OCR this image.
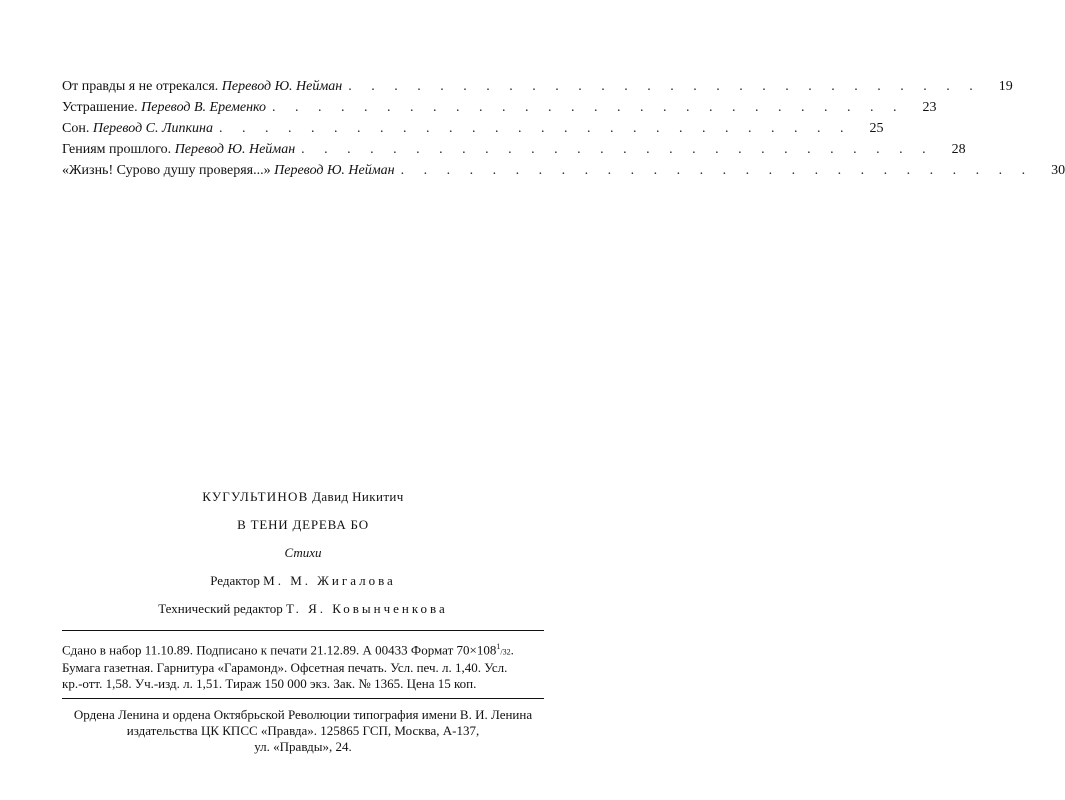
От правды я не отрекался. Перевод Ю. Нейман . . . . . . . . . . . . . . . . . . . . . . . . . . . .	19
Устрашение. Перевод В. Еременко . . . . . . . . . . . . . . . . . . . . . . . . . . . .	23
Сон. Перевод С. Липкина . . . . . . . . . . . . . . . . . . . . . . . . . . . .	25
Гениям прошлого. Перевод Ю. Нейман . . . . . . . . . . . . . . . . . . . . . . . . . . . .	28
«Жизнь! Сурово душу проверяя...» Перевод Ю. Нейман . . . . . . . . . . . . . . . . . . . . . . . . . . . .	30
КУГУЛЬТИНОВ Давид Никитич
В ТЕНИ ДЕРЕВА БО
Стихи
Редактор М. М. Жигалова
Технический редактор Т. Я. Ковынченкова
Сдано в набор 11.10.89. Подписано к печати 21.12.89. А 00433 Формат $70\times 108^1/32$.
Бумага газетная. Гарнитура «Гарамонд». Офсетная печать. Усл. печ. л. 1,40. Усл.
кр.-отт. 1,58. Уч.-изд. л. 1,51. Тираж 150 000 экз. Зак. № 1365. Цена 15 коп.
Ордена Ленина и ордена Октябрьской Революции типография имени В. И. Ленина издательства ЦК КПСС «Правда». 125865 ГСП, Москва, А-137,
ул. «Правды», 24.
